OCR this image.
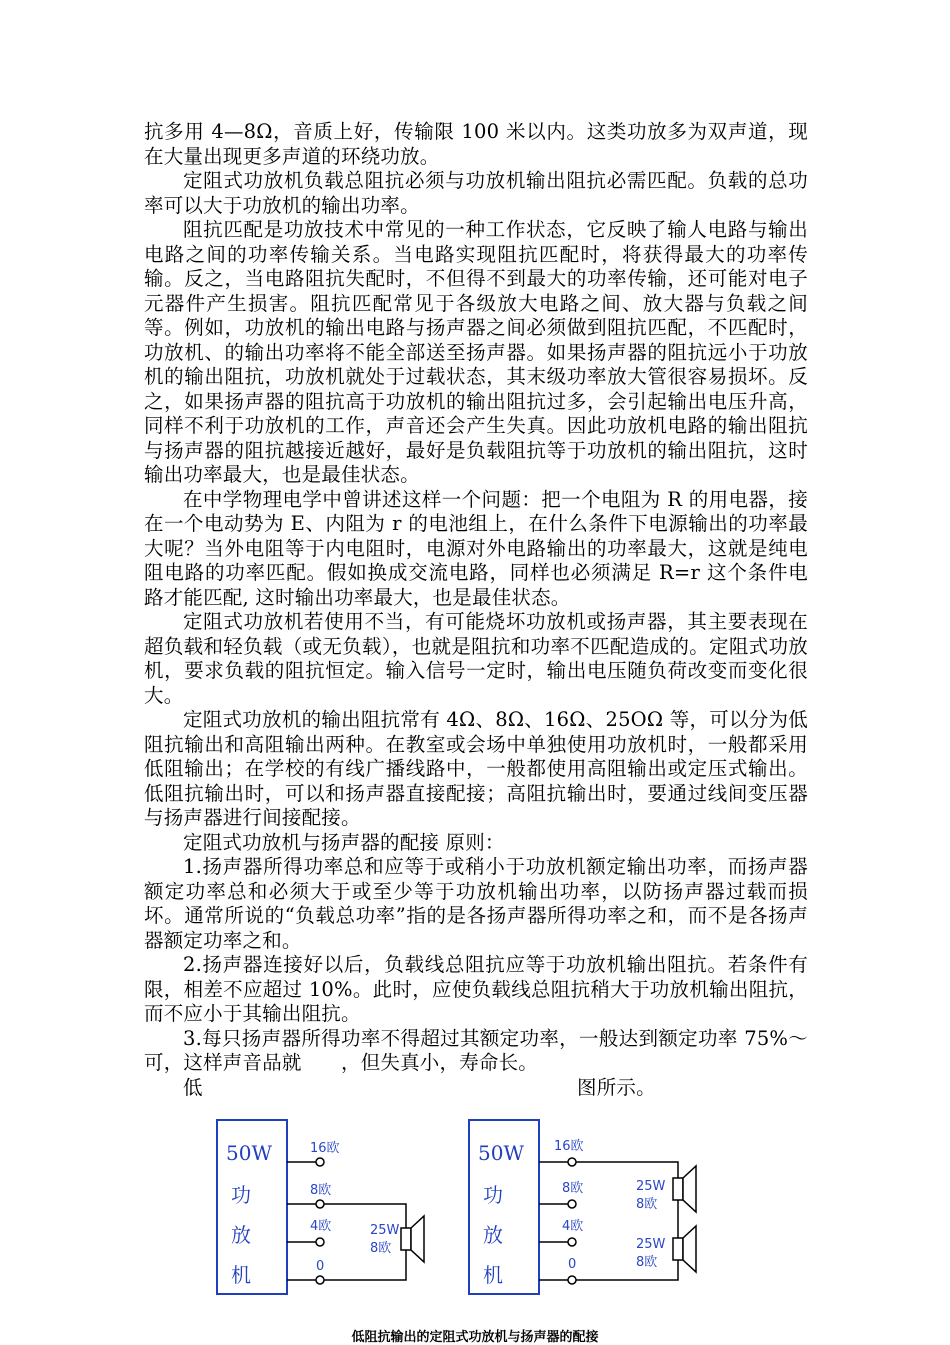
抗多用 4—8Ω，音质上好，传输限 100 米以内。这类功放多为双声道，现在大量出现更多声道的环绕功放。

定阻式功放机负载总阻抗必须与功放机输出阻抗必需匹配。负载的总功率可以大于功放机的输出功率。

阻抗匹配是功放技术中常见的一种工作状态，它反映了输人电路与输出电路之间的功率传输关系。当电路实现阻抗匹配时，将获得最大的功率传输。反之，当电路阻抗失配时，不但得不到最大的功率传输，还可能对电子元器件产生损害。阻抗匹配常见于各级放大电路之间、放大器与负载之间等。例如，功放机的输出电路与扬声器之间必须做到阻抗匹配，不匹配时，功放机、的输出功率将不能全部送至扬声器。如果扬声器的阻抗远小于功放机的输出阻抗，功放机就处于过载状态，其末级功率放大管很容易损坏。反之，如果扬声器的阻抗高于功放机的输出阻抗过多，会引起输出电压升高，同样不利于功放机的工作，声音还会产生失真。因此功放机电路的输出阻抗与扬声器的阻抗越接近越好，最好是负载阻抗等于功放机的输出阻抗，这时输出功率最大，也是最佳状态。

在中学物理电学中曾讲述这样一个问题：把一个电阻为 R 的用电器，接在一个电动势为 E、内阻为 r 的电池组上，在什么条件下电源输出的功率最大呢？当外电阻等于内电阻时，电源对外电路输出的功率最大，这就是纯电阻电路的功率匹配。假如换成交流电路，同样也必须满足 R=r 这个条件电路才能匹配, 这时输出功率最大，也是最佳状态。

定阻式功放机若使用不当，有可能烧坏功放机或扬声器，其主要表现在超负载和轻负载（或无负载），也就是阻抗和功率不匹配造成的。定阻式功放机，要求负载的阻抗恒定。输入信号一定时，输出电压随负荷改变而变化很大。

定阻式功放机的输出阻抗常有 4Ω、8Ω、16Ω、25OΩ 等，可以分为低阻抗输出和高阻输出两种。在教室或会场中单独使用功放机时，一般都采用低阻输出；在学校的有线广播线路中，一般都使用高阻输出或定压式输出。低阻抗输出时，可以和扬声器直接配接；高阻抗输出时，要通过线间变压器与扬声器进行间接配接。

定阻式功放机与扬声器的配接 原则：

1.扬声器所得功率总和应等于或稍小于功放机额定输出功率，而扬声器额定功率总和必须大于或至少等于功放机输出功率，以防扬声器过载而损坏。通常所说的“负载总功率”指的是各扬声器所得功率之和，而不是各扬声器额定功率之和。

2.扬声器连接好以后，负载线总阻抗应等于功放机输出阻抗。若条件有限，相差不应超过 10%。此时，应使负载线总阻抗稍大于功放机输出阻抗，而不应小于其输出阻抗。

3.每只扬声器所得功率不得超过其额定功率，一般达到额定功率 75%～　　　可，这样声音品就　　，但失真小，寿命长。

低　　　　　　　　　　　　　　　　　　　图所示。

50W
功
放
机
16欧
8欧
4欧
0
25W
8欧
50W
功
放
机
16欧
8欧
4欧
0
25W
8欧
25W
8欧
低阻抗输出的定阻式功放机与扬声器的配接
